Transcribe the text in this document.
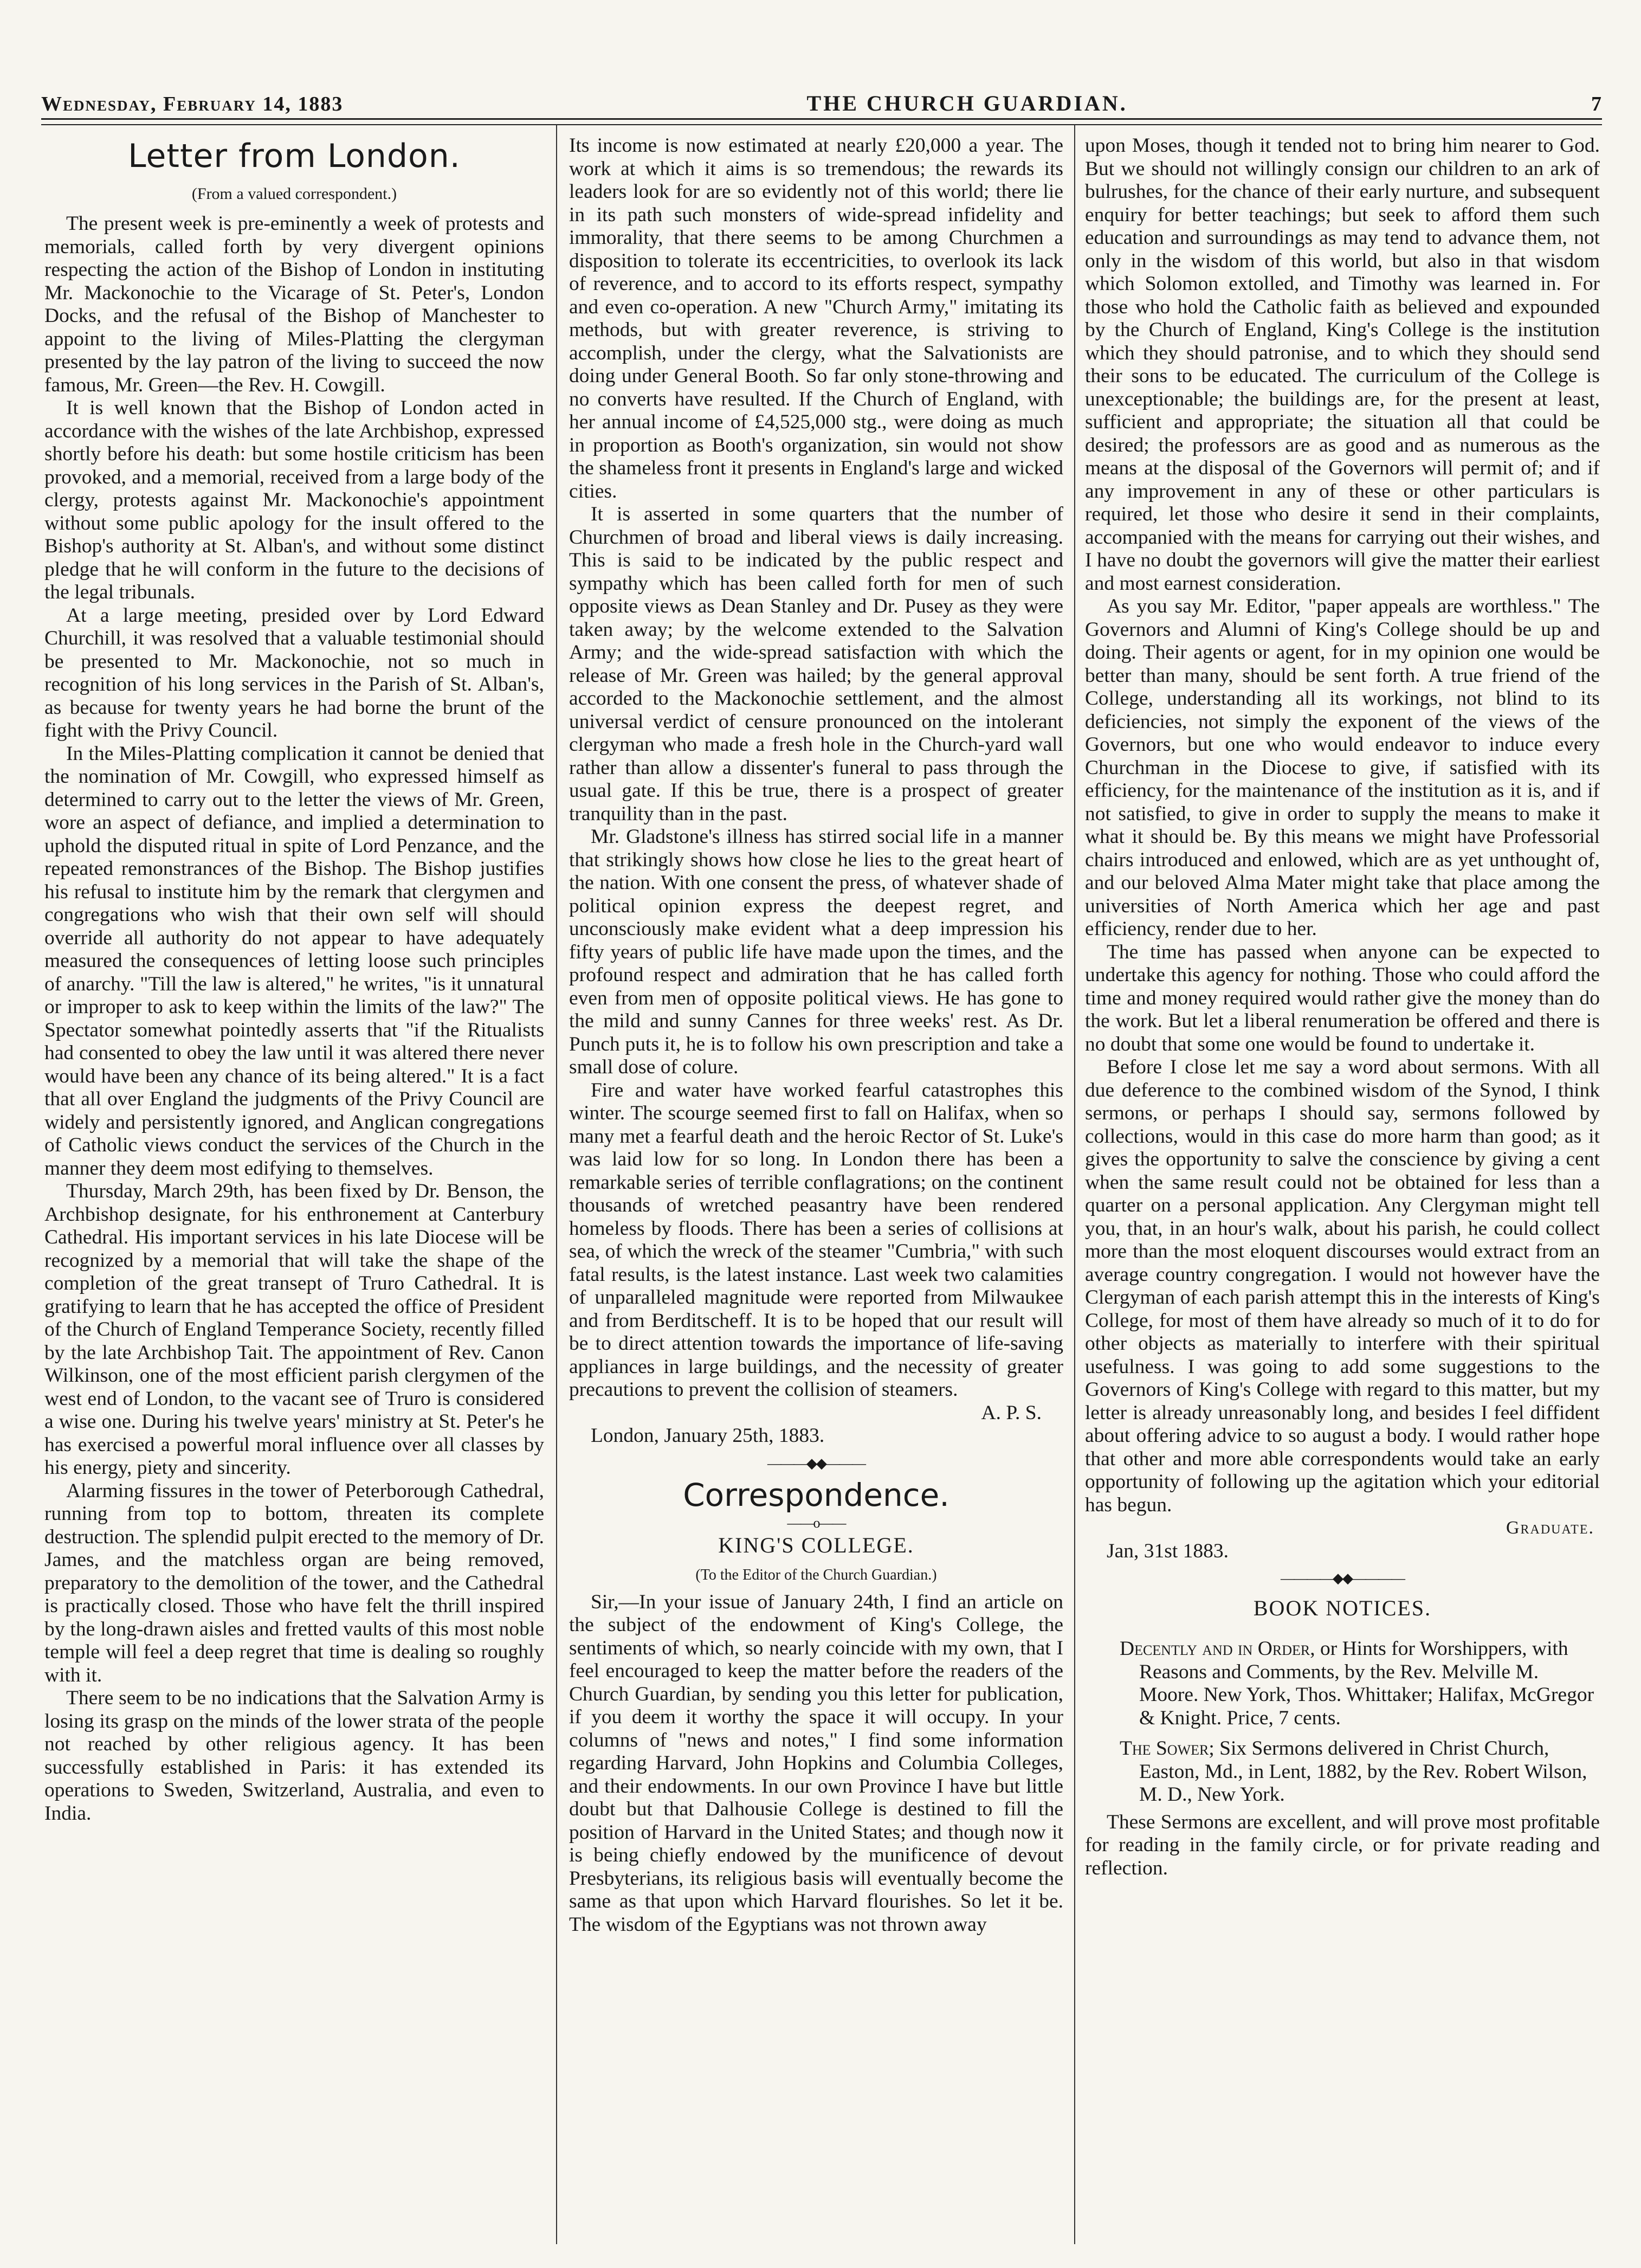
Wednesday, February 14, 1883	THE CHURCH GUARDIAN.	7
Letter from London.
(From a valued correspondent.)

The present week is pre-eminently a week of protests and memorials, called forth by very divergent opinions respecting the action of the Bishop of London in instituting Mr. Mackonochie to the Vicarage of St. Peter's, London Docks, and the refusal of the Bishop of Manchester to appoint to the living of Miles-Platting the clergyman presented by the lay patron of the living to succeed the now famous, Mr. Green—the Rev. H. Cowgill.

It is well known that the Bishop of London acted in accordance with the wishes of the late Archbishop, expressed shortly before his death: but some hostile criticism has been provoked, and a memorial, received from a large body of the clergy, protests against Mr. Mackonochie's appointment without some public apology for the insult offered to the Bishop's authority at St. Alban's, and without some distinct pledge that he will conform in the future to the decisions of the legal tribunals.

At a large meeting, presided over by Lord Edward Churchill, it was resolved that a valuable testimonial should be presented to Mr. Mackonochie, not so much in recognition of his long services in the Parish of St. Alban's, as because for twenty years he had borne the brunt of the fight with the Privy Council.

In the Miles-Platting complication it cannot be denied that the nomination of Mr. Cowgill, who expressed himself as determined to carry out to the letter the views of Mr. Green, wore an aspect of defiance, and implied a determination to uphold the disputed ritual in spite of Lord Penzance, and the repeated remonstrances of the Bishop. The Bishop justifies his refusal to institute him by the remark that clergymen and congregations who wish that their own self will should override all authority do not appear to have adequately measured the consequences of letting loose such principles of anarchy. "Till the law is altered," he writes, "is it unnatural or improper to ask to keep within the limits of the law?" The Spectator somewhat pointedly asserts that "if the Ritualists had consented to obey the law until it was altered there never would have been any chance of its being altered." It is a fact that all over England the judgments of the Privy Council are widely and persistently ignored, and Anglican congregations of Catholic views conduct the services of the Church in the manner they deem most edifying to themselves.

Thursday, March 29th, has been fixed by Dr. Benson, the Archbishop designate, for his enthronement at Canterbury Cathedral. His important services in his late Diocese will be recognized by a memorial that will take the shape of the completion of the great transept of Truro Cathedral. It is gratifying to learn that he has accepted the office of President of the Church of England Temperance Society, recently filled by the late Archbishop Tait. The appointment of Rev. Canon Wilkinson, one of the most efficient parish clergymen of the west end of London, to the vacant see of Truro is considered a wise one. During his twelve years' ministry at St. Peter's he has exercised a powerful moral influence over all classes by his energy, piety and sincerity.

Alarming fissures in the tower of Peterborough Cathedral, running from top to bottom, threaten its complete destruction. The splendid pulpit erected to the memory of Dr. James, and the matchless organ are being removed, preparatory to the demolition of the tower, and the Cathedral is practically closed. Those who have felt the thrill inspired by the long-drawn aisles and fretted vaults of this most noble temple will feel a deep regret that time is dealing so roughly with it.

There seem to be no indications that the Salvation Army is losing its grasp on the minds of the lower strata of the people not reached by other religious agency. It has been successfully established in Paris: it has extended its operations to Sweden, Switzerland, Australia, and even to India.

Its income is now estimated at nearly £20,000 a year. The work at which it aims is so tremendous; the rewards its leaders look for are so evidently not of this world; there lie in its path such monsters of wide-spread infidelity and immorality, that there seems to be among Churchmen a disposition to tolerate its eccentricities, to overlook its lack of reverence, and to accord to its efforts respect, sympathy and even co-operation. A new "Church Army," imitating its methods, but with greater reverence, is striving to accomplish, under the clergy, what the Salvationists are doing under General Booth. So far only stone-throwing and no converts have resulted. If the Church of England, with her annual income of £4,525,000 stg., were doing as much in proportion as Booth's organization, sin would not show the shameless front it presents in England's large and wicked cities.

It is asserted in some quarters that the number of Churchmen of broad and liberal views is daily increasing. This is said to be indicated by the public respect and sympathy which has been called forth for men of such opposite views as Dean Stanley and Dr. Pusey as they were taken away; by the welcome extended to the Salvation Army; and the wide-spread satisfaction with which the release of Mr. Green was hailed; by the general approval accorded to the Mackonochie settlement, and the almost universal verdict of censure pronounced on the intolerant clergyman who made a fresh hole in the Church-yard wall rather than allow a dissenter's funeral to pass through the usual gate. If this be true, there is a prospect of greater tranquility than in the past.

Mr. Gladstone's illness has stirred social life in a manner that strikingly shows how close he lies to the great heart of the nation. With one consent the press, of whatever shade of political opinion express the deepest regret, and unconsciously make evident what a deep impression his fifty years of public life have made upon the times, and the profound respect and admiration that he has called forth even from men of opposite political views. He has gone to the mild and sunny Cannes for three weeks' rest. As Dr. Punch puts it, he is to follow his own prescription and take a small dose of colure.

Fire and water have worked fearful catastrophes this winter. The scourge seemed first to fall on Halifax, when so many met a fearful death and the heroic Rector of St. Luke's was laid low for so long. In London there has been a remarkable series of terrible conflagrations; on the continent thousands of wretched peasantry have been rendered homeless by floods. There has been a series of collisions at sea, of which the wreck of the steamer "Cumbria," with such fatal results, is the latest instance. Last week two calamities of unparalleled magnitude were reported from Milwaukee and from Berditscheff. It is to be hoped that our result will be to direct attention towards the importance of life-saving appliances in large buildings, and the necessity of greater precautions to prevent the collision of steamers.

A. P. S.
London, January 25th, 1883.
———◆◆———
Correspondence.
——o——
KING'S COLLEGE.
(To the Editor of the Church Guardian.)

Sir,—In your issue of January 24th, I find an article on the subject of the endowment of King's College, the sentiments of which, so nearly coincide with my own, that I feel encouraged to keep the matter before the readers of the Church Guardian, by sending you this letter for publication, if you deem it worthy the space it will occupy. In your columns of "news and notes," I find some information regarding Harvard, John Hopkins and Columbia Colleges, and their endowments. In our own Province I have but little doubt but that Dalhousie College is destined to fill the position of Harvard in the United States; and though now it is being chiefly endowed by the munificence of devout Presbyterians, its religious basis will eventually become the same as that upon which Harvard flourishes. So let it be. The wisdom of the Egyptians was not thrown away

upon Moses, though it tended not to bring him nearer to God. But we should not willingly consign our children to an ark of bulrushes, for the chance of their early nurture, and subsequent enquiry for better teachings; but seek to afford them such education and surroundings as may tend to advance them, not only in the wisdom of this world, but also in that wisdom which Solomon extolled, and Timothy was learned in. For those who hold the Catholic faith as believed and expounded by the Church of England, King's College is the institution which they should patronise, and to which they should send their sons to be educated. The curriculum of the College is unexceptionable; the buildings are, for the present at least, sufficient and appropriate; the situation all that could be desired; the professors are as good and as numerous as the means at the disposal of the Governors will permit of; and if any improvement in any of these or other particulars is required, let those who desire it send in their complaints, accompanied with the means for carrying out their wishes, and I have no doubt the governors will give the matter their earliest and most earnest consideration.

As you say Mr. Editor, "paper appeals are worthless." The Governors and Alumni of King's College should be up and doing. Their agents or agent, for in my opinion one would be better than many, should be sent forth. A true friend of the College, understanding all its workings, not blind to its deficiencies, not simply the exponent of the views of the Governors, but one who would endeavor to induce every Churchman in the Diocese to give, if satisfied with its efficiency, for the maintenance of the institution as it is, and if not satisfied, to give in order to supply the means to make it what it should be. By this means we might have Professorial chairs introduced and enlowed, which are as yet unthought of, and our beloved Alma Mater might take that place among the universities of North America which her age and past efficiency, render due to her.

The time has passed when anyone can be expected to undertake this agency for nothing. Those who could afford the time and money required would rather give the money than do the work. But let a liberal renumeration be offered and there is no doubt that some one would be found to undertake it.

Before I close let me say a word about sermons. With all due deference to the combined wisdom of the Synod, I think sermons, or perhaps I should say, sermons followed by collections, would in this case do more harm than good; as it gives the opportunity to salve the conscience by giving a cent when the same result could not be obtained for less than a quarter on a personal application. Any Clergyman might tell you, that, in an hour's walk, about his parish, he could collect more than the most eloquent discourses would extract from an average country congregation. I would not however have the Clergyman of each parish attempt this in the interests of King's College, for most of them have already so much of it to do for other objects as materially to interfere with their spiritual usefulness. I was going to add some suggestions to the Governors of King's College with regard to this matter, but my letter is already unreasonably long, and besides I feel diffident about offering advice to so august a body. I would rather hope that other and more able correspondents would take an early opportunity of following up the agitation which your editorial has begun.

Graduate.
Jan, 31st 1883.
————◆◆————
BOOK NOTICES.
Decently and in Order, or Hints for Worshippers, with Reasons and Comments, by the Rev. Melville M. Moore. New York, Thos. Whittaker; Halifax, McGregor & Knight. Price, 7 cents.
The Sower; Six Sermons delivered in Christ Church, Easton, Md., in Lent, 1882, by the Rev. Robert Wilson, M. D., New York.

These Sermons are excellent, and will prove most profitable for reading in the family circle, or for private reading and reflection.
